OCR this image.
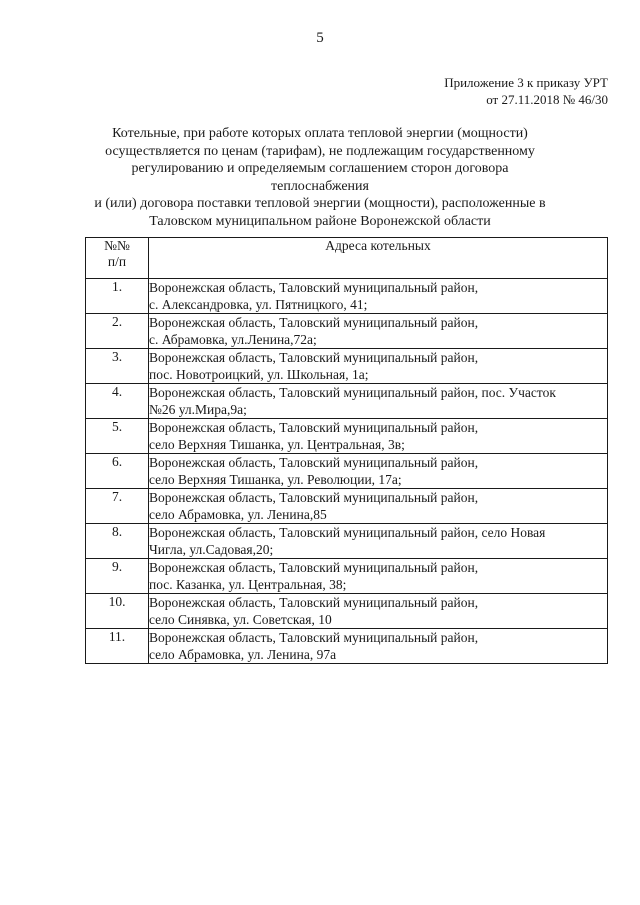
5
Приложение 3 к приказу УРТ
от 27.11.2018 № 46/30
Котельные, при работе которых оплата тепловой энергии (мощности)
осуществляется по ценам (тарифам), не подлежащим государственному
регулированию и определяемым соглашением сторон договора теплоснабжения
и (или) договора поставки тепловой энергии (мощности), расположенные в
Таловском муниципальном районе Воронежской области
№№
п/п	Адреса котельных
1.	Воронежская область, Таловский муниципальный район,
с. Александровка, ул. Пятницкого, 41;

2.	Воронежская область, Таловский муниципальный район,
с. Абрамовка, ул.Ленина,72а;

3.	Воронежская область, Таловский муниципальный район,
пос. Новотроицкий, ул. Школьная, 1а;

4.	Воронежская область, Таловский муниципальный район, пос. Участок
№26 ул.Мира,9а;

5.	Воронежская область, Таловский муниципальный район,
село Верхняя Тишанка, ул. Центральная, 3в;

6.	Воронежская область, Таловский муниципальный район,
село Верхняя Тишанка, ул. Революции, 17а;

7.	Воронежская область, Таловский муниципальный район,
село Абрамовка, ул. Ленина,85

8.	Воронежская область, Таловский муниципальный район, село Новая
Чигла, ул.Садовая,20;

9.	Воронежская область, Таловский муниципальный район,
пос. Казанка, ул. Центральная, 38;

10.	Воронежская область, Таловский муниципальный район,
село Синявка, ул. Советская, 10

11.	Воронежская область, Таловский муниципальный район,
село Абрамовка, ул. Ленина, 97а
